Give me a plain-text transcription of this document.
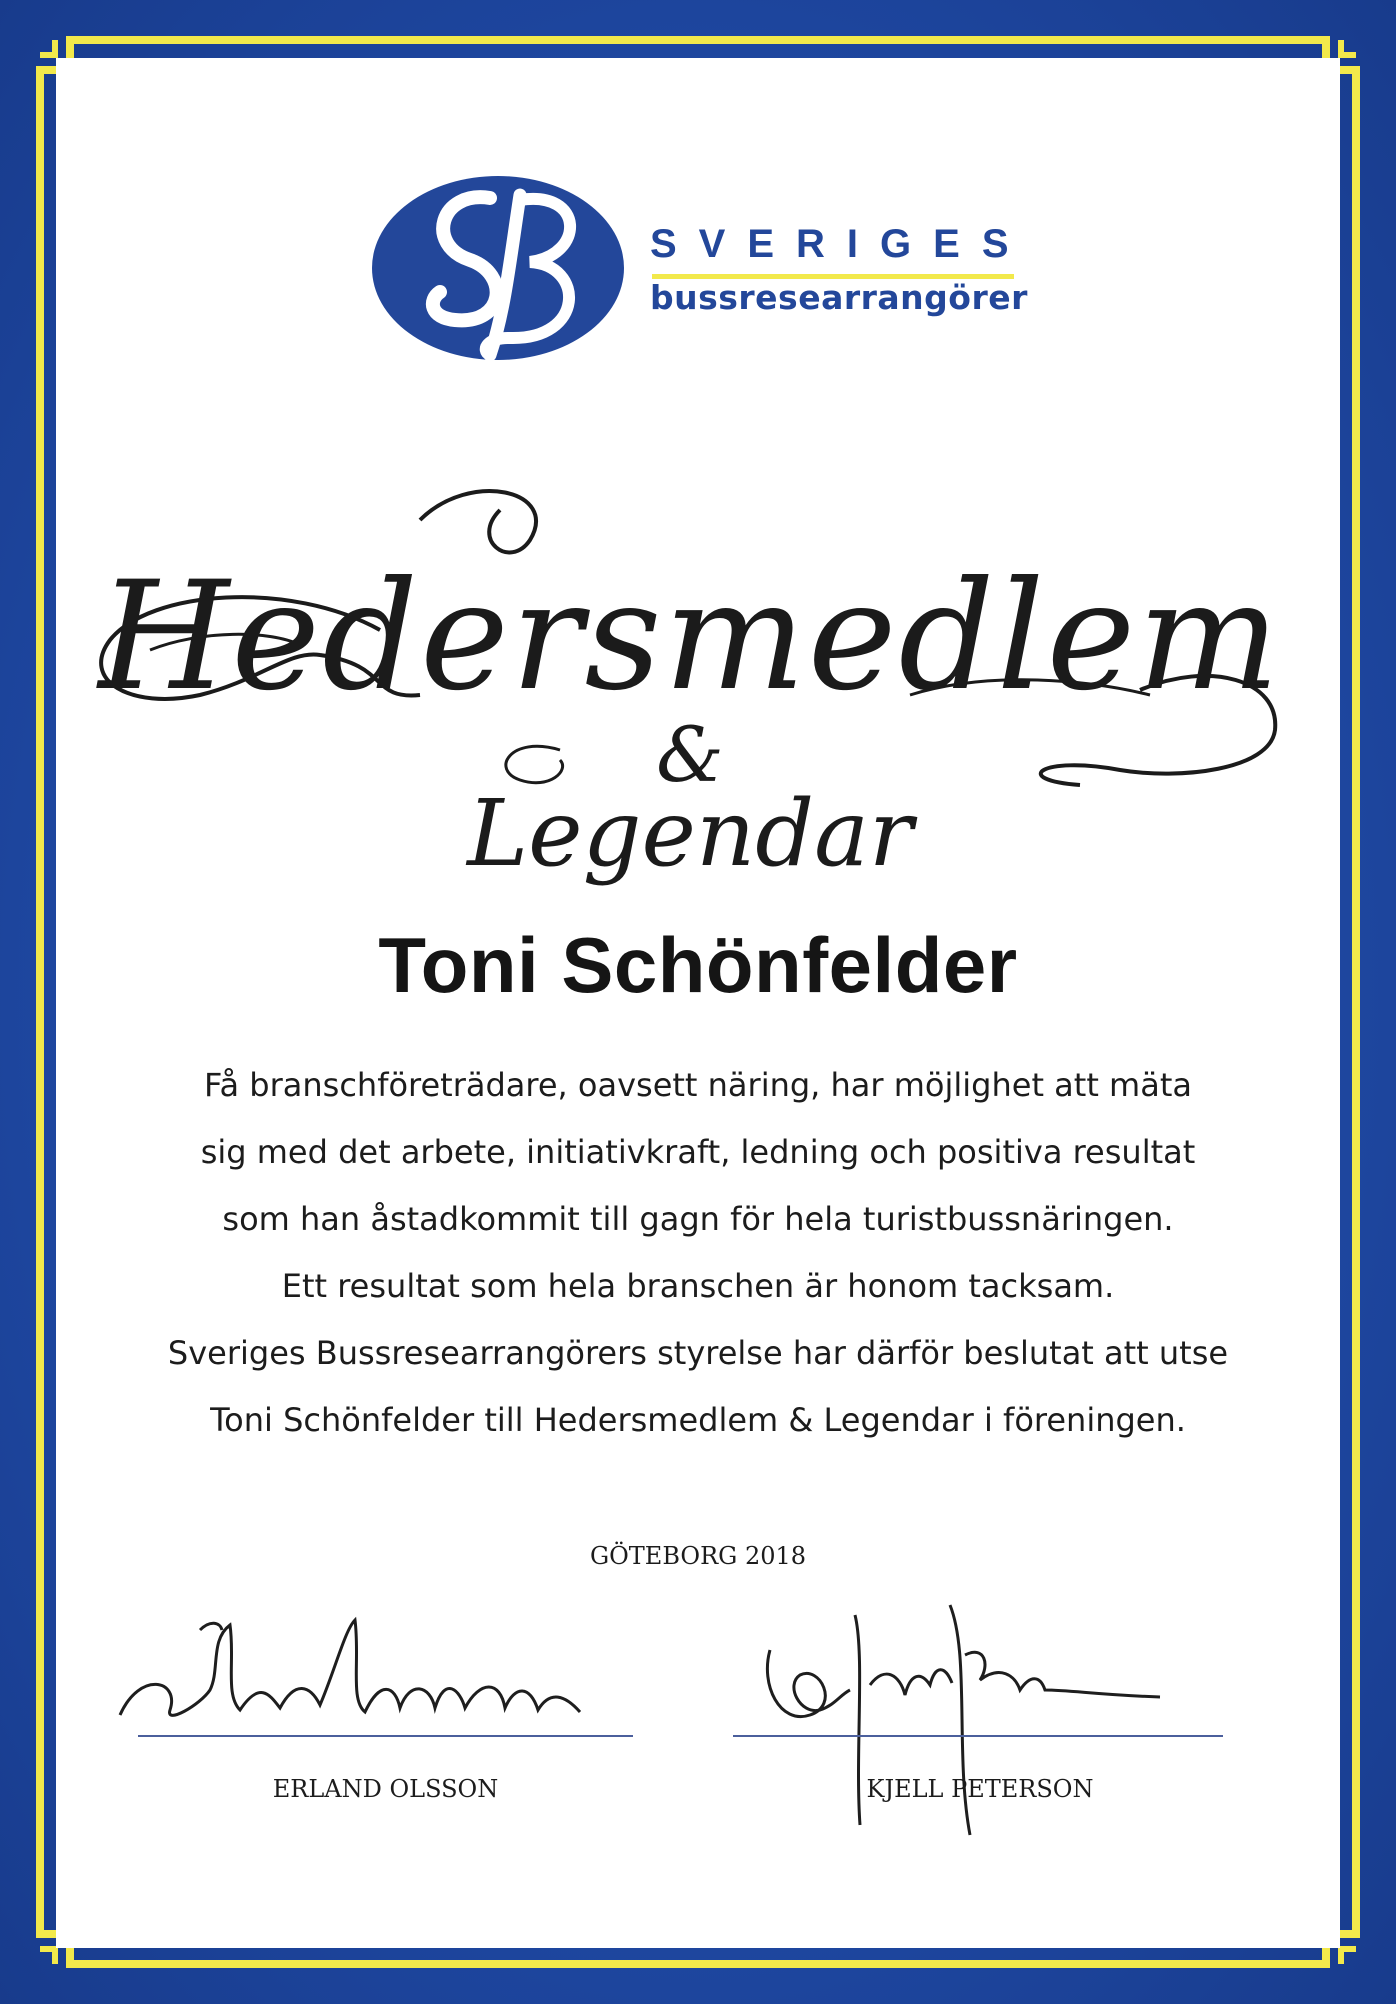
SB
SVERIGES
bussresearrangörer
Hedersmedlem
&
Legendar
Toni Schönfelder
Få branschföreträdare, oavsett näring, har möjlighet att mäta
sig med det arbete, initiativkraft, ledning och positiva resultat
som han åstadkommit till gagn för hela turistbussnäringen.
Ett resultat som hela branschen är honom tacksam.
Sveriges Bussresearrangörers styrelse har därför beslutat att utse
Toni Schönfelder till Hedersmedlem & Legendar i föreningen.
GÖTEBORG 2018
ERLAND OLSSON	KJELL PETERSON
